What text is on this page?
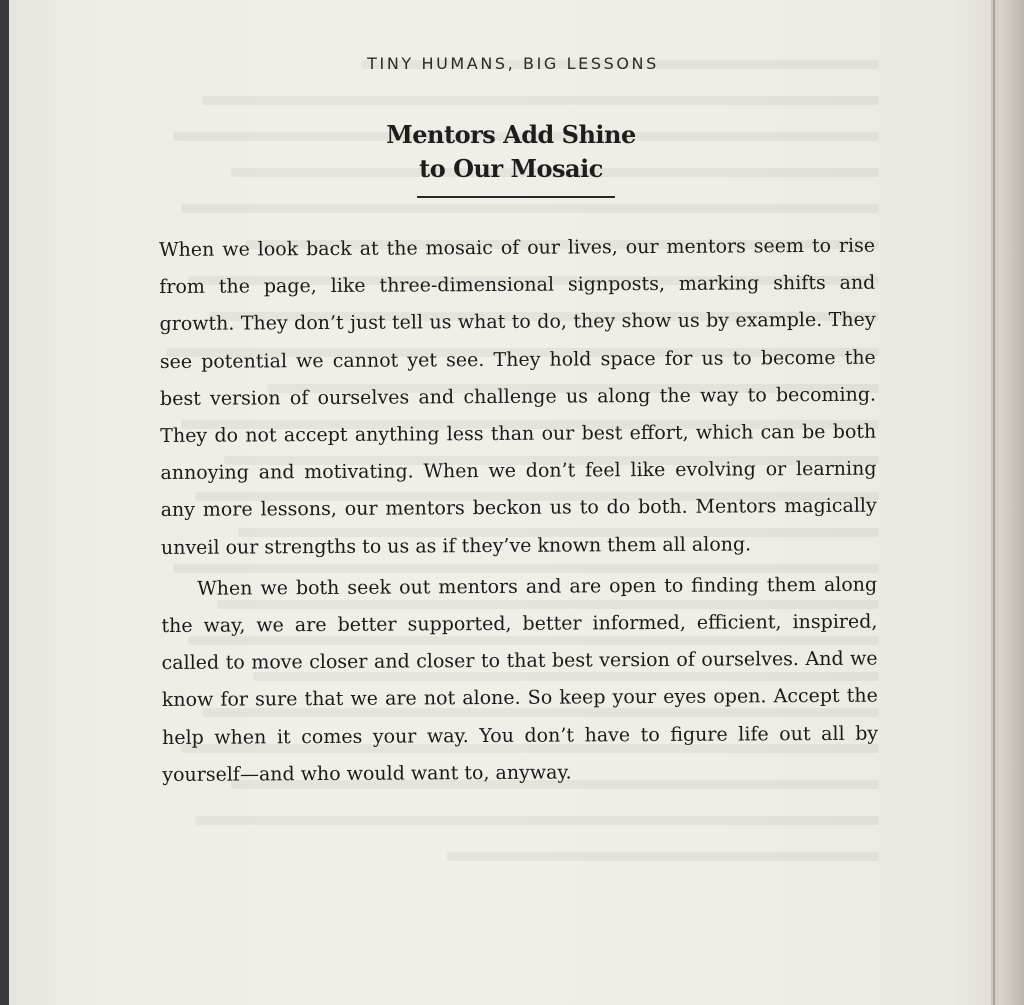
TINY HUMANS, BIG LESSONS
Mentors Add Shine
to Our Mosaic

When we look back at the mosaic of our lives, our mentors seem to rise from the page, like three-dimensional signposts, marking shifts and growth. They don’t just tell us what to do, they show us by example. They see potential we cannot yet see. They hold space for us to become the best version of ourselves and challenge us along the way to becoming. They do not accept anything less than our best effort, which can be both annoying and motivating. When we don’t feel like evolving or learning any more lessons, our mentors beckon us to do both. Mentors magically unveil our strengths to us as if they’ve known them all along.

When we both seek out mentors and are open to finding them along the way, we are better supported, better informed, efficient, inspired, called to move closer and closer to that best version of ourselves. And we know for sure that we are not alone. So keep your eyes open. Accept the help when it comes your way. You don’t have to figure life out all by yourself—and who would want to, anyway.
